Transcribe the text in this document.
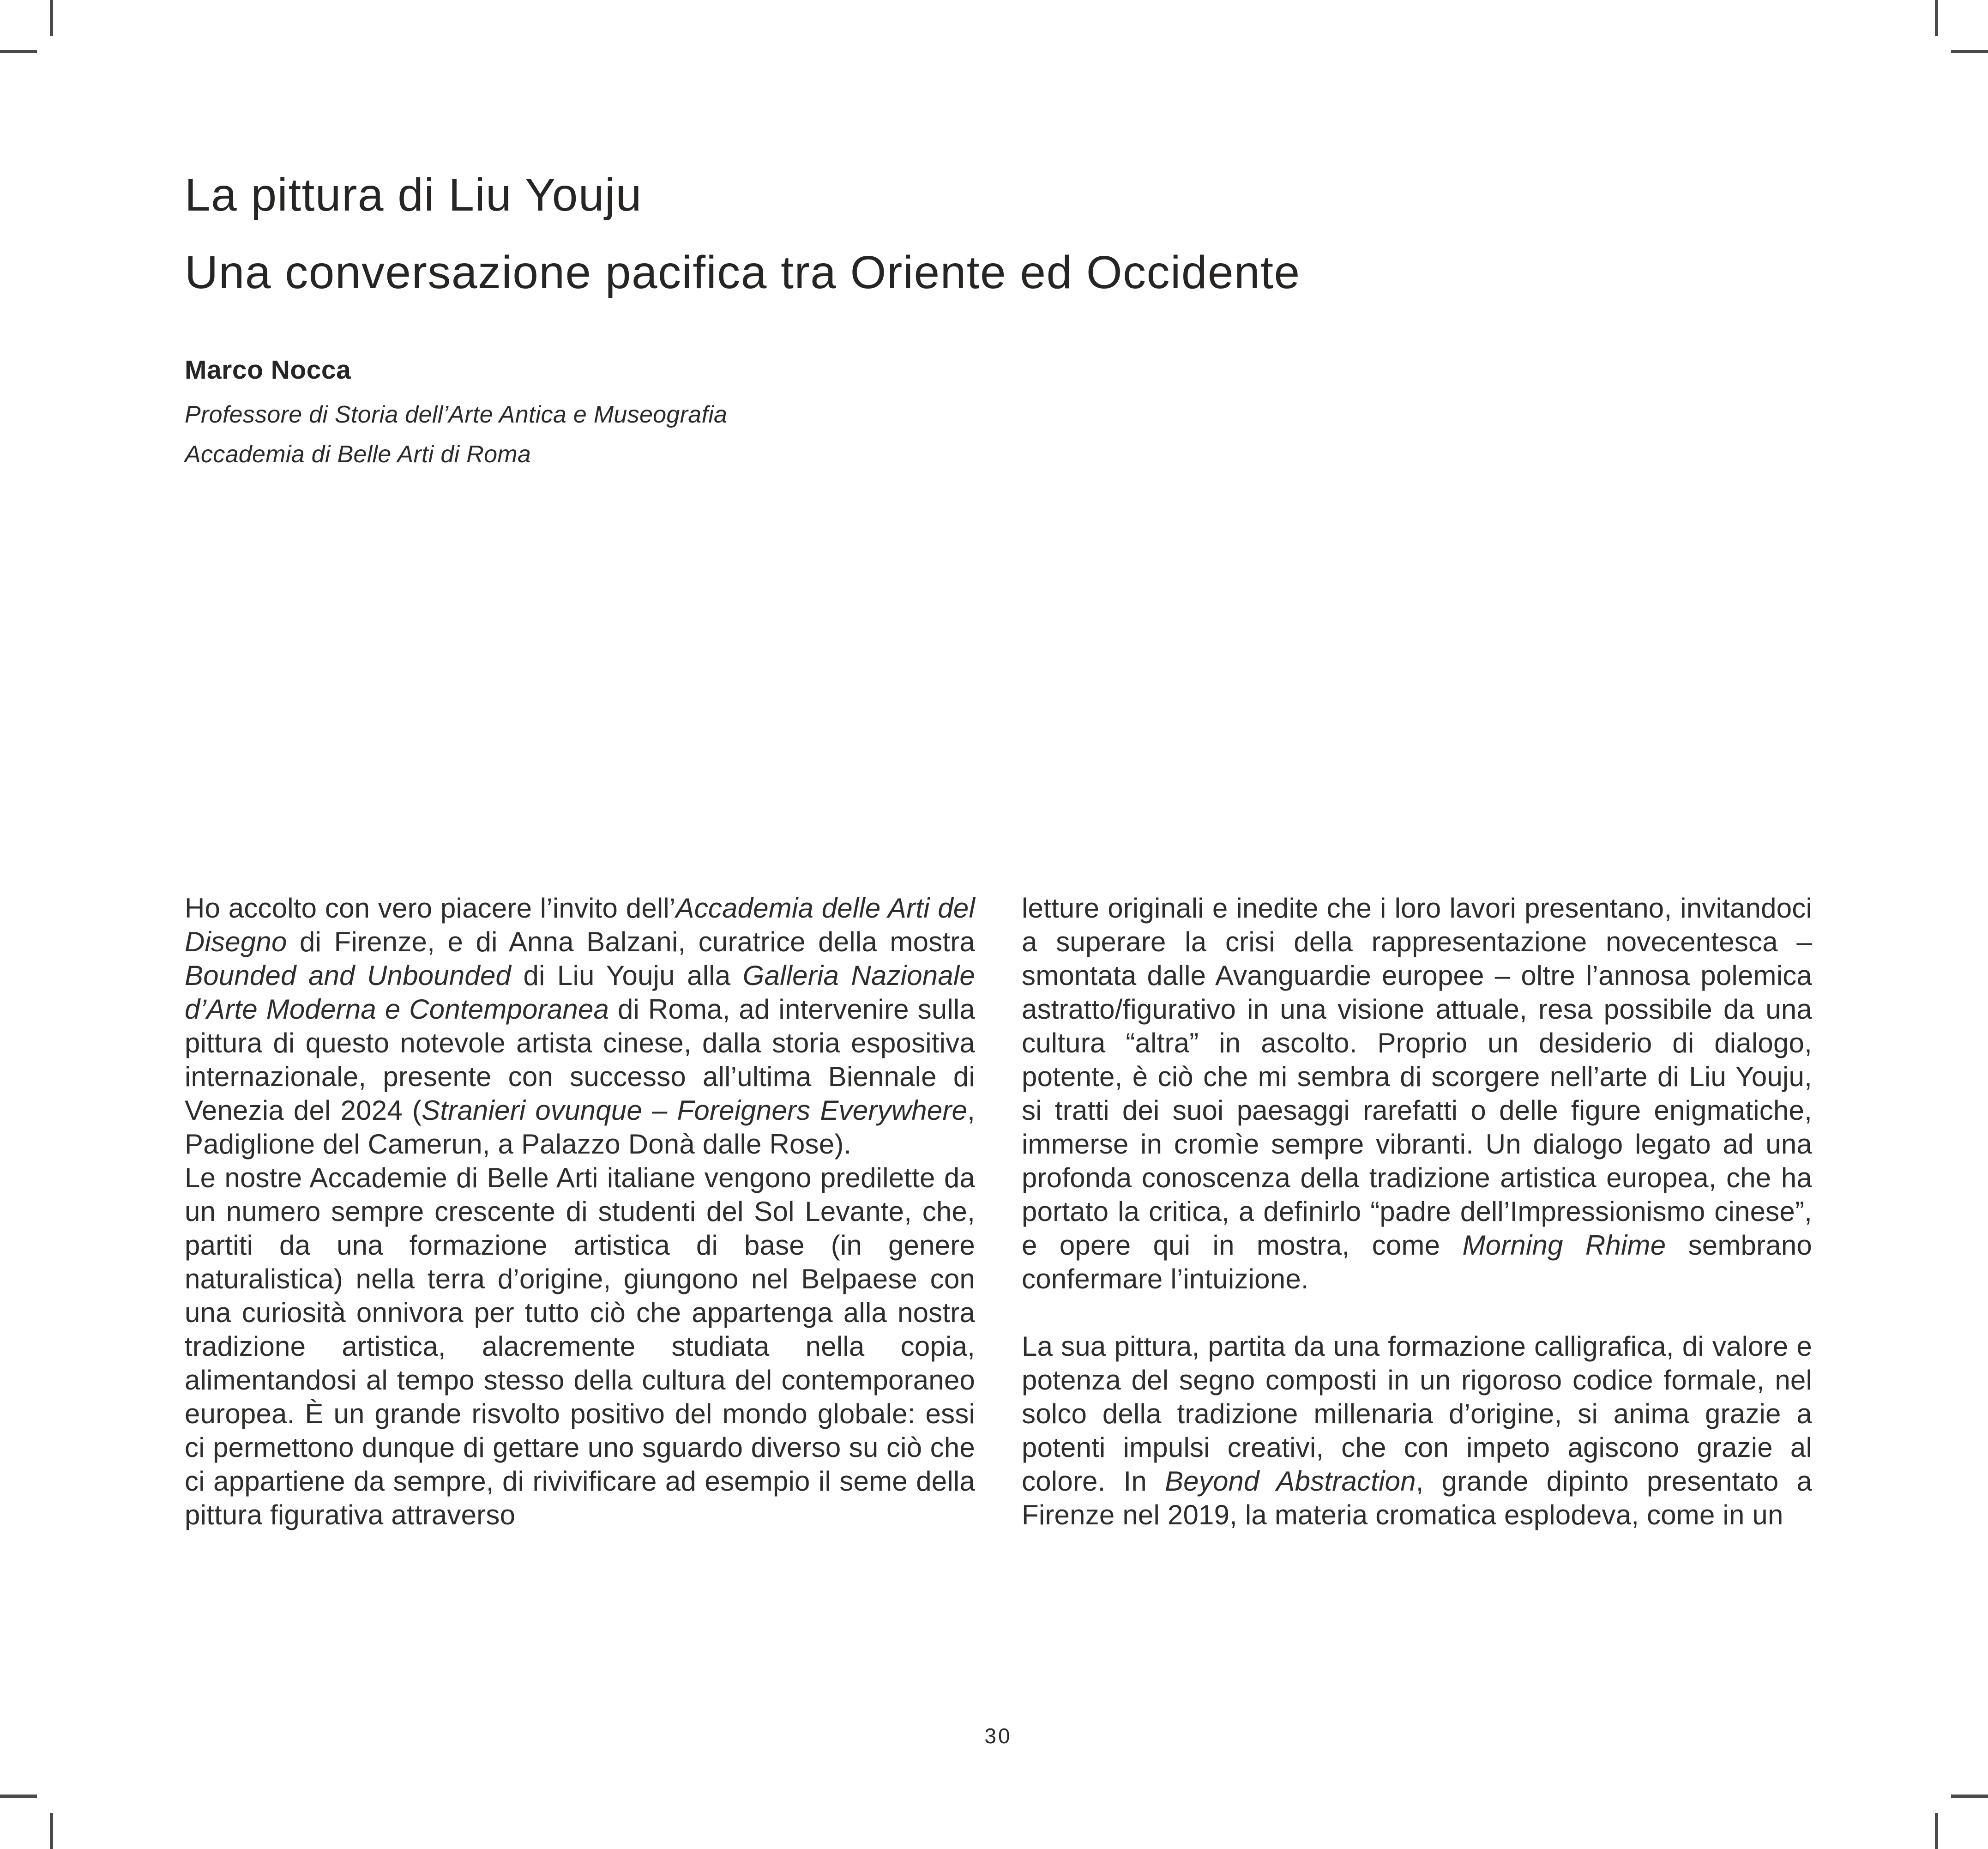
La pittura di Liu Youju
Una conversazione pacifica tra Oriente ed Occidente
Marco Nocca
Professore di Storia dell’Arte Antica e Museografia
Accademia di Belle Arti di Roma

Ho accolto con vero piacere l’invito dell’Accademia delle Arti del Disegno di Firenze, e di Anna Balzani, curatrice della mostra Bounded and Unbounded di Liu Youju alla Galleria Nazionale d’Arte Moderna e Contemporanea di Roma, ad intervenire sulla pittura di questo notevole artista cinese, dalla storia espositiva internazionale, presente con successo all’ultima Biennale di Venezia del 2024 (Stranieri ovunque – Foreigners Everywhere, Padiglione del Camerun, a Palazzo Donà dalle Rose).

Le nostre Accademie di Belle Arti italiane vengono predilette da un numero sempre crescente di studenti del Sol Levante, che, partiti da una formazione artistica di base (in genere naturalistica) nella terra d’origine, giungono nel Belpaese con una curiosità onnivora per tutto ciò che appartenga alla nostra tradizione artistica, alacremente studiata nella copia, alimentandosi al tempo stesso della cultura del contemporaneo europea. È un grande risvolto positivo del mondo globale: essi ci permettono dunque di gettare uno sguardo diverso su ciò che ci appartiene da sempre, di rivivificare ad esempio il seme della pittura figurativa attraverso

letture originali e inedite che i loro lavori presentano, invitandoci a superare la crisi della rappresentazione novecentesca – smontata dalle Avanguardie europee – oltre l’annosa polemica astratto/figurativo in una visione attuale, resa possibile da una cultura “altra” in ascolto. Proprio un desiderio di dialogo, potente, è ciò che mi sembra di scorgere nell’arte di Liu Youju, si tratti dei suoi paesaggi rarefatti o delle figure enigmatiche, immerse in cromìe sempre vibranti. Un dialogo legato ad una profonda conoscenza della tradizione artistica europea, che ha portato la critica, a definirlo “padre dell’Impressionismo cinese”, e opere qui in mostra, come Morning Rhime sembrano confermare l’intuizione.

La sua pittura, partita da una formazione calligrafica, di valore e potenza del segno composti in un rigoroso codice formale, nel solco della tradizione millenaria d’origine, si anima grazie a potenti impulsi creativi, che con impeto agiscono grazie al colore. In Beyond Abstraction, grande dipinto presentato a Firenze nel 2019, la materia cromatica esplodeva, come in un

30
